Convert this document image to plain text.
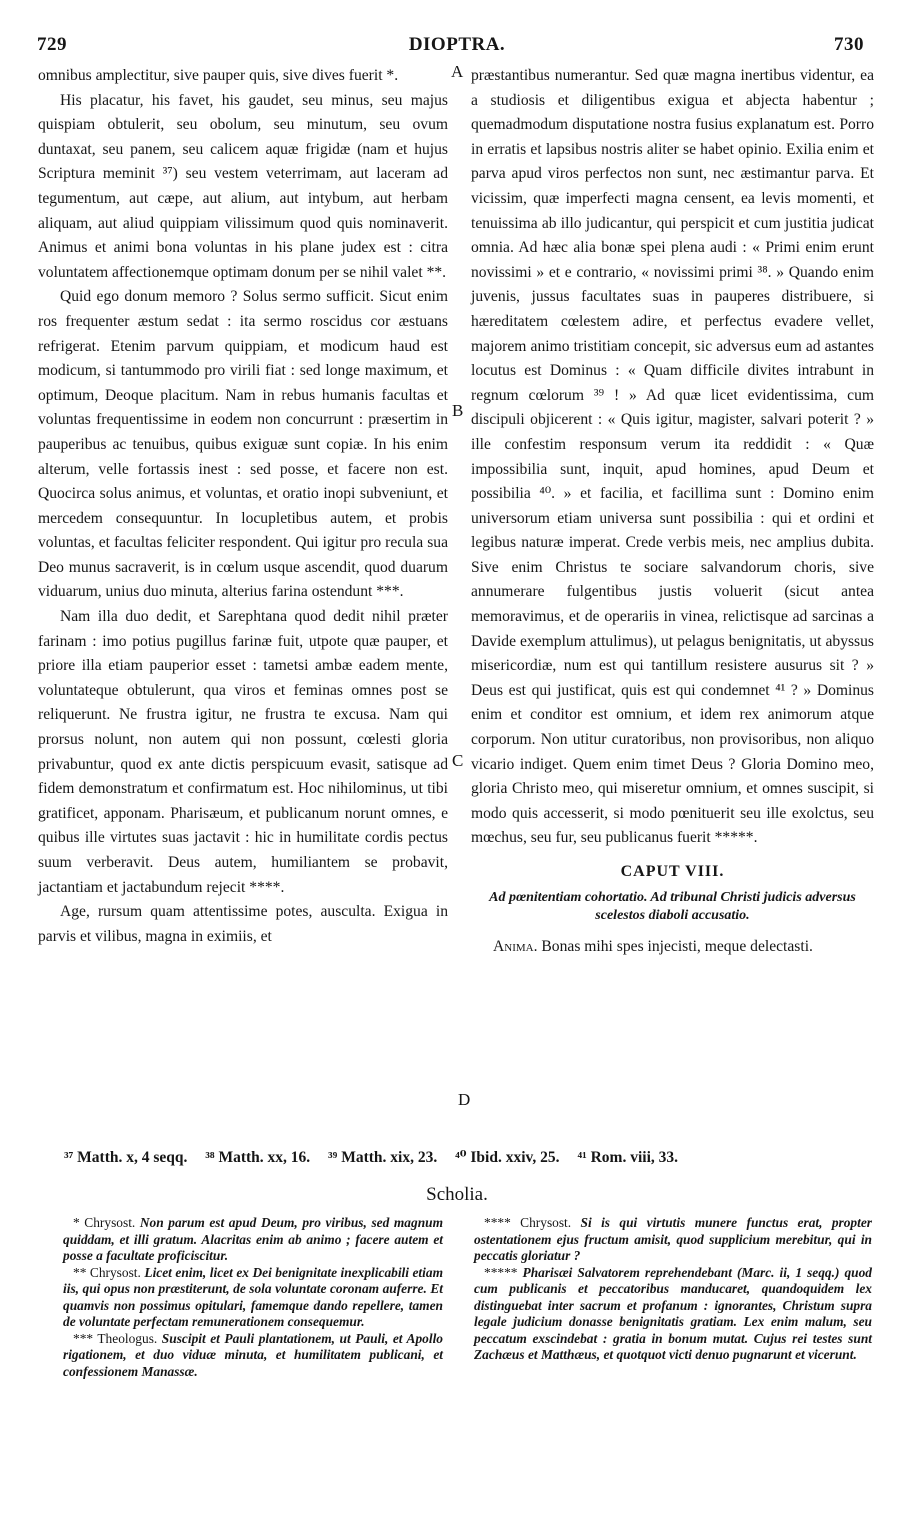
729	DIOPTRA.	730
A
B
C
D

omnibus amplectitur, sive pauper quis, sive dives fuerit *.

His placatur, his favet, his gaudet, seu minus, seu majus quispiam obtulerit, seu obolum, seu minutum, seu ovum duntaxat, seu panem, seu calicem aquæ frigidæ (nam et hujus Scripturа meminit ³⁷) seu vestem veterrimam, aut laceram ad tegumentum, aut cæpe, aut alium, aut intybum, aut herbam aliquam, aut aliud quippiam vilissimum quod quis nominaverit. Animus et animi bona voluntas in his plane judex est : citra voluntatem affectionemque optimam donum per se nihil valet **.

Quid ego donum memoro ? Solus sermo sufficit. Sicut enim ros frequenter æstum sedat : ita sermo roscidus cor æstuans refrigerat. Etenim parvum quippiam, et modicum haud est modicum, si tantummodo pro virili fiat : sed longe maximum, et optimum, Deoque placitum. Nam in rebus humanis facultas et voluntas frequentissime in eodem non concurrunt : præsertim in pauperibus ac tenuibus, quibus exiguæ sunt copiæ. In his enim alterum, velle fortassis inest : sed posse, et facere non est. Quocirca solus animus, et voluntas, et oratio inopi subveniunt, et mercedem consequuntur. In locupletibus autem, et probis voluntas, et facultas feliciter respondent. Qui igitur pro recula sua Deo munus sacraverit, is in cœlum usque ascendit, quod duarum viduarum, unius duo minuta, alterius farina ostendunt ***.

Nam illa duo dedit, et Sarephtana quod dedit nihil præter farinam : imo potius pugillus farinæ fuit, utpote quæ pauper, et priore illa etiam pauperior esset : tametsi ambæ eadem mente, voluntateque obtulerunt, qua viros et feminas omnes post se reliquerunt. Ne frustra igitur, ne frustra te excusa. Nam qui prorsus nolunt, non autem qui non possunt, cœlesti gloria privabuntur, quod ex ante dictis perspicuum evasit, satisque ad fidem demonstratum et confirmatum est. Hoc nihilominus, ut tibi gratificet, apponam. Pharisæum, et publicanum norunt omnes, e quibus ille virtutes suas jactavit : hic in humilitate cordis pectus suum verberavit. Deus autem, humiliantem se probavit, jactantiam et jactabundum rejecit ****.

Age, rursum quam attentissime potes, ausculta. Exigua in parvis et vilibus, magna in eximiis, et

præstantibus numerantur. Sed quæ magna inertibus videntur, ea a studiosis et diligentibus exigua et abjecta habentur ; quemadmodum disputatione nostra fusius explanatum est. Porro in erratis et lapsibus nostris aliter se habet opinio. Exilia enim et parva apud viros perfectos non sunt, nec æstimantur parva. Et vicissim, quæ imperfecti magna censent, ea levis momenti, et tenuissima ab illo judicantur, qui perspicit et cum justitia judicat omnia. Ad hæc alia bonæ spei plena audi : « Primi enim erunt novissimi » et e contrario, « novissimi primi ³⁸. » Quando enim juvenis, jussus facultates suas in pauperes distribuere, si hæreditatem cœlestem adire, et perfectus evadere vellet, majorem animo tristitiam concepit, sic adversus eum ad astantes locutus est Dominus : « Quam difficile divites intrabunt in regnum cœlorum ³⁹ ! » Ad quæ licet evidentissima, cum discipuli objicerent : « Quis igitur, magister, salvari poterit ? » ille confestim responsum verum ita reddidit : « Quæ impossibilia sunt, inquit, apud homines, apud Deum et possibilia ⁴⁰. » et facilia, et facillima sunt : Domino enim universorum etiam universa sunt possibilia : qui et ordini et legibus naturæ imperat. Crede verbis meis, nec amplius dubita. Sive enim Christus te sociare salvandorum choris, sive annumerare fulgentibus justis voluerit (sicut antea memoravimus, et de operariis in vinea, relictisque ad sarcinas a Davide exemplum attulimus), ut pelagus benignitatis, ut abyssus misericordiæ, num est qui tantillum resistere ausurus sit ? » Deus est qui justificat, quis est qui condemnet ⁴¹ ? » Dominus enim et conditor est omnium, et idem rex animorum atque corporum. Non utitur curatoribus, non provisoribus, non aliquo vicario indiget. Quem enim timet Deus ? Gloria Domino meo, gloria Christo meo, qui miseretur omnium, et omnes suscipit, si modo quis accesserit, si modo pœnituerit seu ille exolctus, seu mœchus, seu fur, seu publicanus fuerit *****.

CAPUT VIII.
Ad pœnitentiam cohortatio. Ad tribunal Christi judicis adversus scelestos diaboli accusatio.

Anima. Bonas mihi spes injecisti, meque delectasti.

³⁷ Matth. x, 4 seqq. ³⁸ Matth. xx, 16. ³⁹ Matth. xix, 23. ⁴⁰ Ibid. xxiv, 25. ⁴¹ Rom. viii, 33.
Scholia.

* Chrysost. Non parum est apud Deum, pro viribus, sed magnum quiddam, et illi gratum. Alacritas enim ab animo ; facere autem et posse a facultate proficiscitur.

** Chrysost. Licet enim, licet ex Dei benignitate inexplicabili etiam iis, qui opus non præstiterunt, de sola voluntate coronam auferre. Et quamvis non possimus opitulari, famemque dando repellere, tamen de voluntate perfectam remunerationem consequemur.

*** Theologus. Suscipit et Pauli plantationem, ut Pauli, et Apollo rigationem, et duo viduæ minuta, et humilitatem publicani, et confessionem Manassæ.

**** Chrysost. Si is qui virtutis munere functus erat, propter ostentationem ejus fructum amisit, quod supplicium merebitur, qui in peccatis gloriatur ?

***** Pharisæi Salvatorem reprehendebant (Marc. ii, 1 seqq.) quod cum publicanis et peccatoribus manducaret, quandoquidem lex distinguebat inter sacrum et profanum : ignorantes, Christum supra legale judicium donasse benignitatis gratiam. Lex enim malum, seu peccatum exscindebat : gratia in bonum mutat. Cujus rei testes sunt Zachæus et Matthæus, et quotquot victi denuo pugnarunt et vicerunt.
